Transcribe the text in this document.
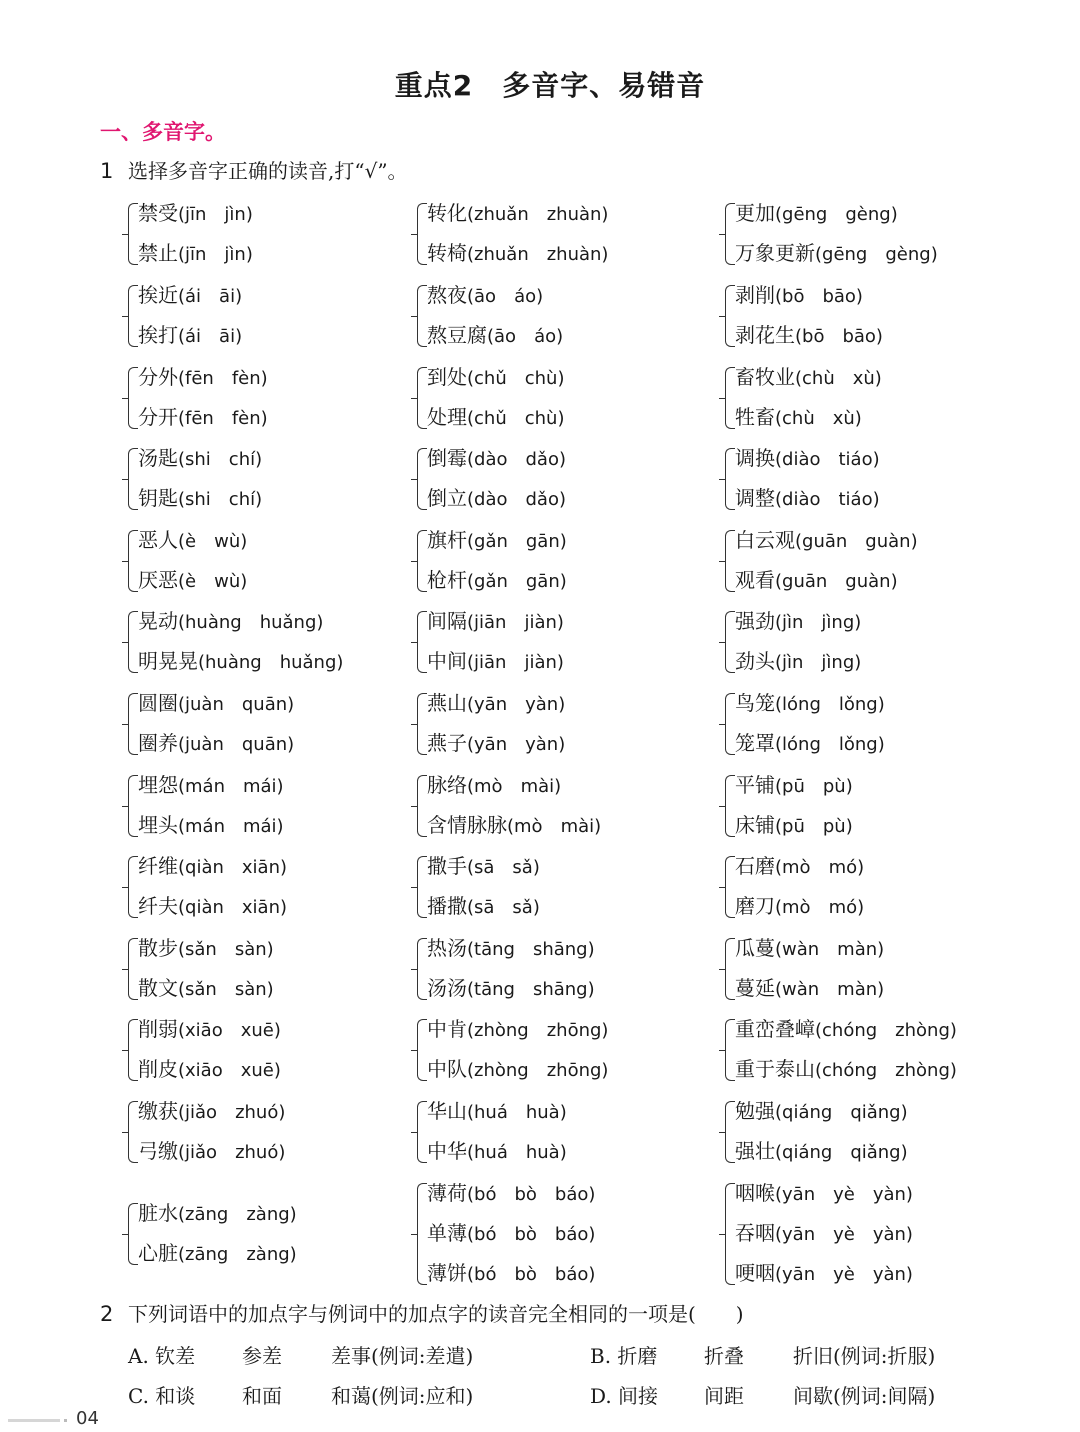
重点2　多音字、易错音
一、多音字。
1 选择多音字正确的读音,打“√”。
禁受(jīn　jìn)
禁止(jīn　jìn)
转化(zhuǎn　zhuàn)
转椅(zhuǎn　zhuàn)
更加(gēng　gèng)
万象更新(gēng　gèng)
挨近(ái　āi)
挨打(ái　āi)
熬夜(āo　áo)
熬豆腐(āo　áo)
剥削(bō　bāo)
剥花生(bō　bāo)
分外(fēn　fèn)
分开(fēn　fèn)
到处(chǔ　chù)
处理(chǔ　chù)
畜牧业(chù　xù)
牲畜(chù　xù)
汤匙(shi　chí)
钥匙(shi　chí)
倒霉(dào　dǎo)
倒立(dào　dǎo)
调换(diào　tiáo)
调整(diào　tiáo)
恶人(è　wù)
厌恶(è　wù)
旗杆(gǎn　gān)
枪杆(gǎn　gān)
白云观(guān　guàn)
观看(guān　guàn)
晃动(huàng　huǎng)
明晃晃(huàng　huǎng)
间隔(jiān　jiàn)
中间(jiān　jiàn)
强劲(jìn　jìng)
劲头(jìn　jìng)
圆圈(juàn　quān)
圈养(juàn　quān)
燕山(yān　yàn)
燕子(yān　yàn)
鸟笼(lóng　lǒng)
笼罩(lóng　lǒng)
埋怨(mán　mái)
埋头(mán　mái)
脉络(mò　mài)
含情脉脉(mò　mài)
平铺(pū　pù)
床铺(pū　pù)
纤维(qiàn　xiān)
纤夫(qiàn　xiān)
撒手(sā　sǎ)
播撒(sā　sǎ)
石磨(mò　mó)
磨刀(mò　mó)
散步(sǎn　sàn)
散文(sǎn　sàn)
热汤(tāng　shāng)
汤汤(tāng　shāng)
瓜蔓(wàn　màn)
蔓延(wàn　màn)
削弱(xiāo　xuē)
削皮(xiāo　xuē)
中肯(zhòng　zhōng)
中队(zhòng　zhōng)
重峦叠嶂(chóng　zhòng)
重于泰山(chóng　zhòng)
缴获(jiǎo　zhuó)
弓缴(jiǎo　zhuó)
华山(huá　huà)
中华(huá　huà)
勉强(qiáng　qiǎng)
强壮(qiáng　qiǎng)
脏水(zāng　zàng)
心脏(zāng　zàng)
薄荷(bó　bò　báo)
单薄(bó　bò　báo)
薄饼(bó　bò　báo)
咽喉(yān　yè　yàn)
吞咽(yān　yè　yàn)
哽咽(yān　yè　yàn)
2 下列词语中的加点字与例词中的加点字的读音完全相同的一项是(　　)
A. 钦差 参差 差事(例词:差遣)	B. 折磨 折叠 折旧(例词:折服)
C. 和谈 和面 和蔼(例词:应和)	D. 间接 间距 间歇(例词:间隔)
04
